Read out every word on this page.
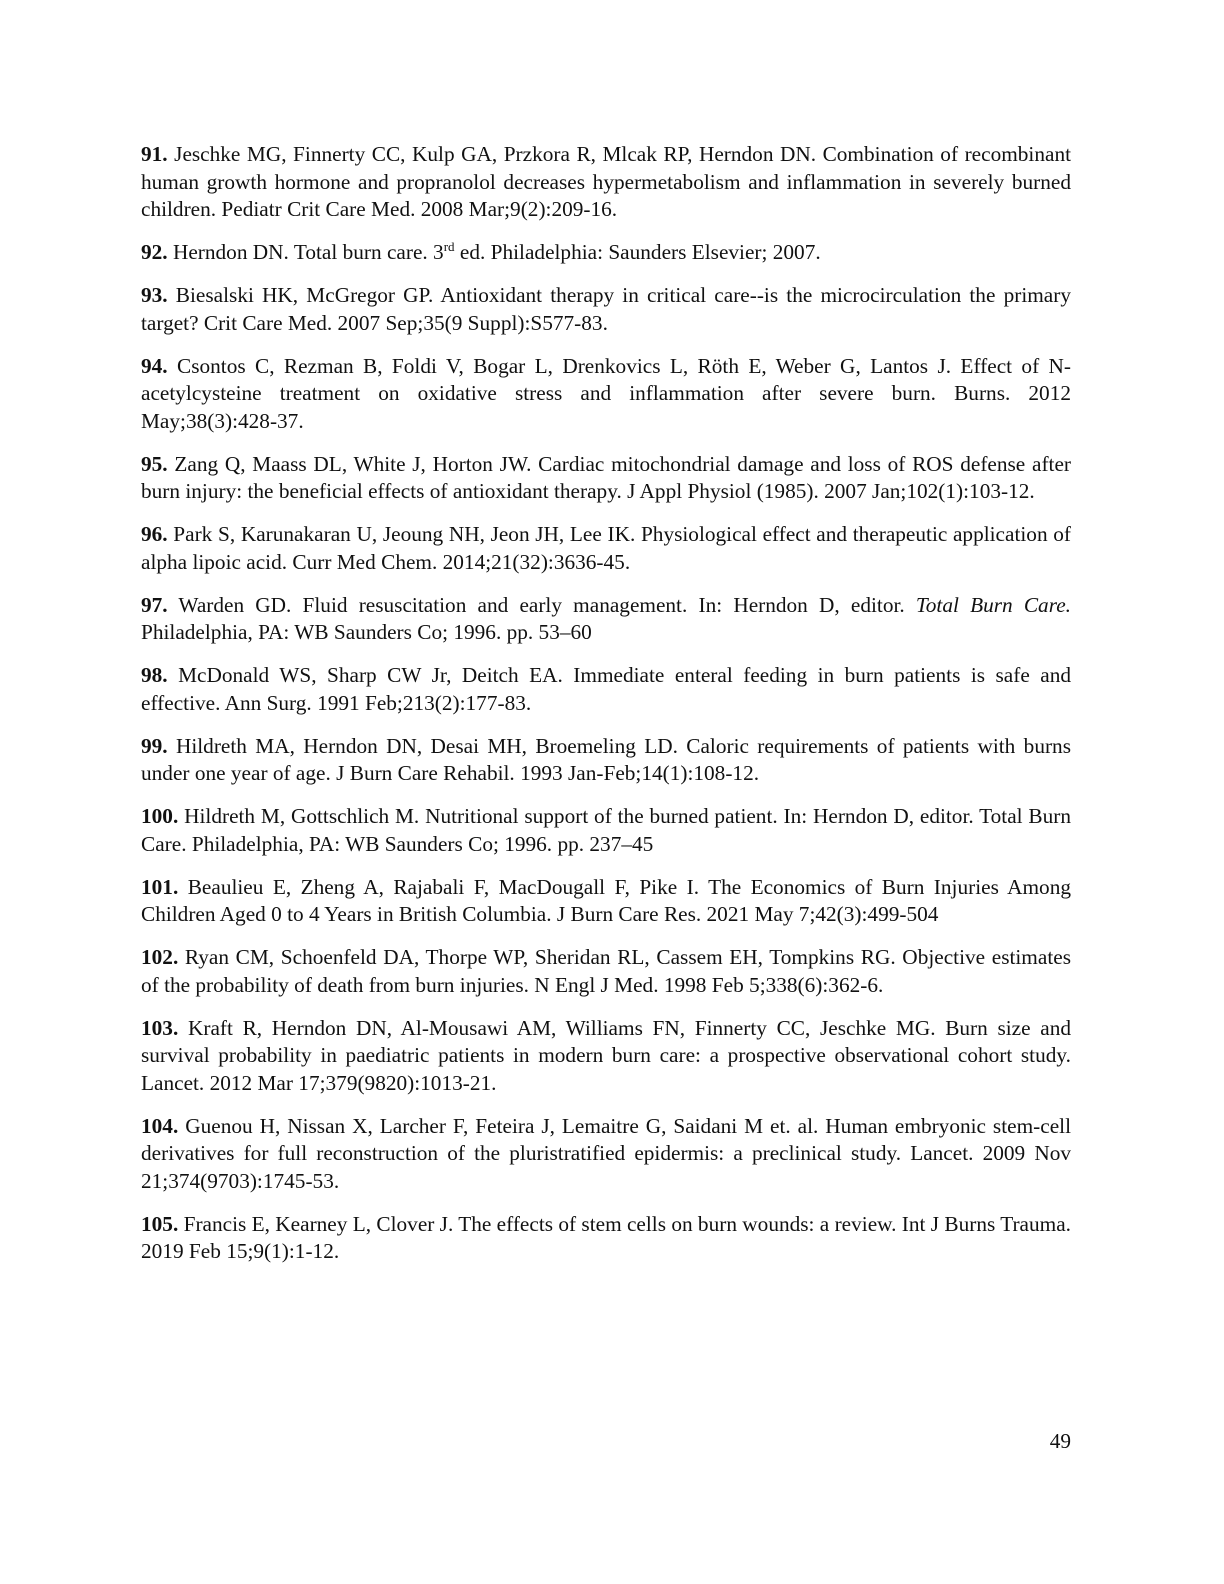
91. Jeschke MG, Finnerty CC, Kulp GA, Przkora R, Mlcak RP, Herndon DN. Combination of recombinant human growth hormone and propranolol decreases hypermetabolism and inflammation in severely burned children. Pediatr Crit Care Med. 2008 Mar;9(2):209-16.

92. Herndon DN. Total burn care. 3rd ed. Philadelphia: Saunders Elsevier; 2007.

93. Biesalski HK, McGregor GP. Antioxidant therapy in critical care--is the microcirculation the primary target? Crit Care Med. 2007 Sep;35(9 Suppl):S577-83.

94. Csontos C, Rezman B, Foldi V, Bogar L, Drenkovics L, Röth E, Weber G, Lantos J. Effect of N-acetylcysteine treatment on oxidative stress and inflammation after severe burn. Burns. 2012 May;38(3):428-37.

95. Zang Q, Maass DL, White J, Horton JW. Cardiac mitochondrial damage and loss of ROS defense after burn injury: the beneficial effects of antioxidant therapy. J Appl Physiol (1985). 2007 Jan;102(1):103-12.

96. Park S, Karunakaran U, Jeoung NH, Jeon JH, Lee IK. Physiological effect and therapeutic application of alpha lipoic acid. Curr Med Chem. 2014;21(32):3636-45.

97. Warden GD. Fluid resuscitation and early management. In: Herndon D, editor. Total Burn Care. Philadelphia, PA: WB Saunders Co; 1996. pp. 53–60

98. McDonald WS, Sharp CW Jr, Deitch EA. Immediate enteral feeding in burn patients is safe and effective. Ann Surg. 1991 Feb;213(2):177-83.

99. Hildreth MA, Herndon DN, Desai MH, Broemeling LD. Caloric requirements of patients with burns under one year of age. J Burn Care Rehabil. 1993 Jan-Feb;14(1):108-12.

100. Hildreth M, Gottschlich M. Nutritional support of the burned patient. In: Herndon D, editor. Total Burn Care. Philadelphia, PA: WB Saunders Co; 1996. pp. 237–45

101. Beaulieu E, Zheng A, Rajabali F, MacDougall F, Pike I. The Economics of Burn Injuries Among Children Aged 0 to 4 Years in British Columbia. J Burn Care Res. 2021 May 7;42(3):499-504

102. Ryan CM, Schoenfeld DA, Thorpe WP, Sheridan RL, Cassem EH, Tompkins RG. Objective estimates of the probability of death from burn injuries. N Engl J Med. 1998 Feb 5;338(6):362-6.

103. Kraft R, Herndon DN, Al-Mousawi AM, Williams FN, Finnerty CC, Jeschke MG. Burn size and survival probability in paediatric patients in modern burn care: a prospective observational cohort study. Lancet. 2012 Mar 17;379(9820):1013-21.

104. Guenou H, Nissan X, Larcher F, Feteira J, Lemaitre G, Saidani M et. al. Human embryonic stem-cell derivatives for full reconstruction of the pluristratified epidermis: a preclinical study. Lancet. 2009 Nov 21;374(9703):1745-53.

105. Francis E, Kearney L, Clover J. The effects of stem cells on burn wounds: a review. Int J Burns Trauma. 2019 Feb 15;9(1):1-12.

49
